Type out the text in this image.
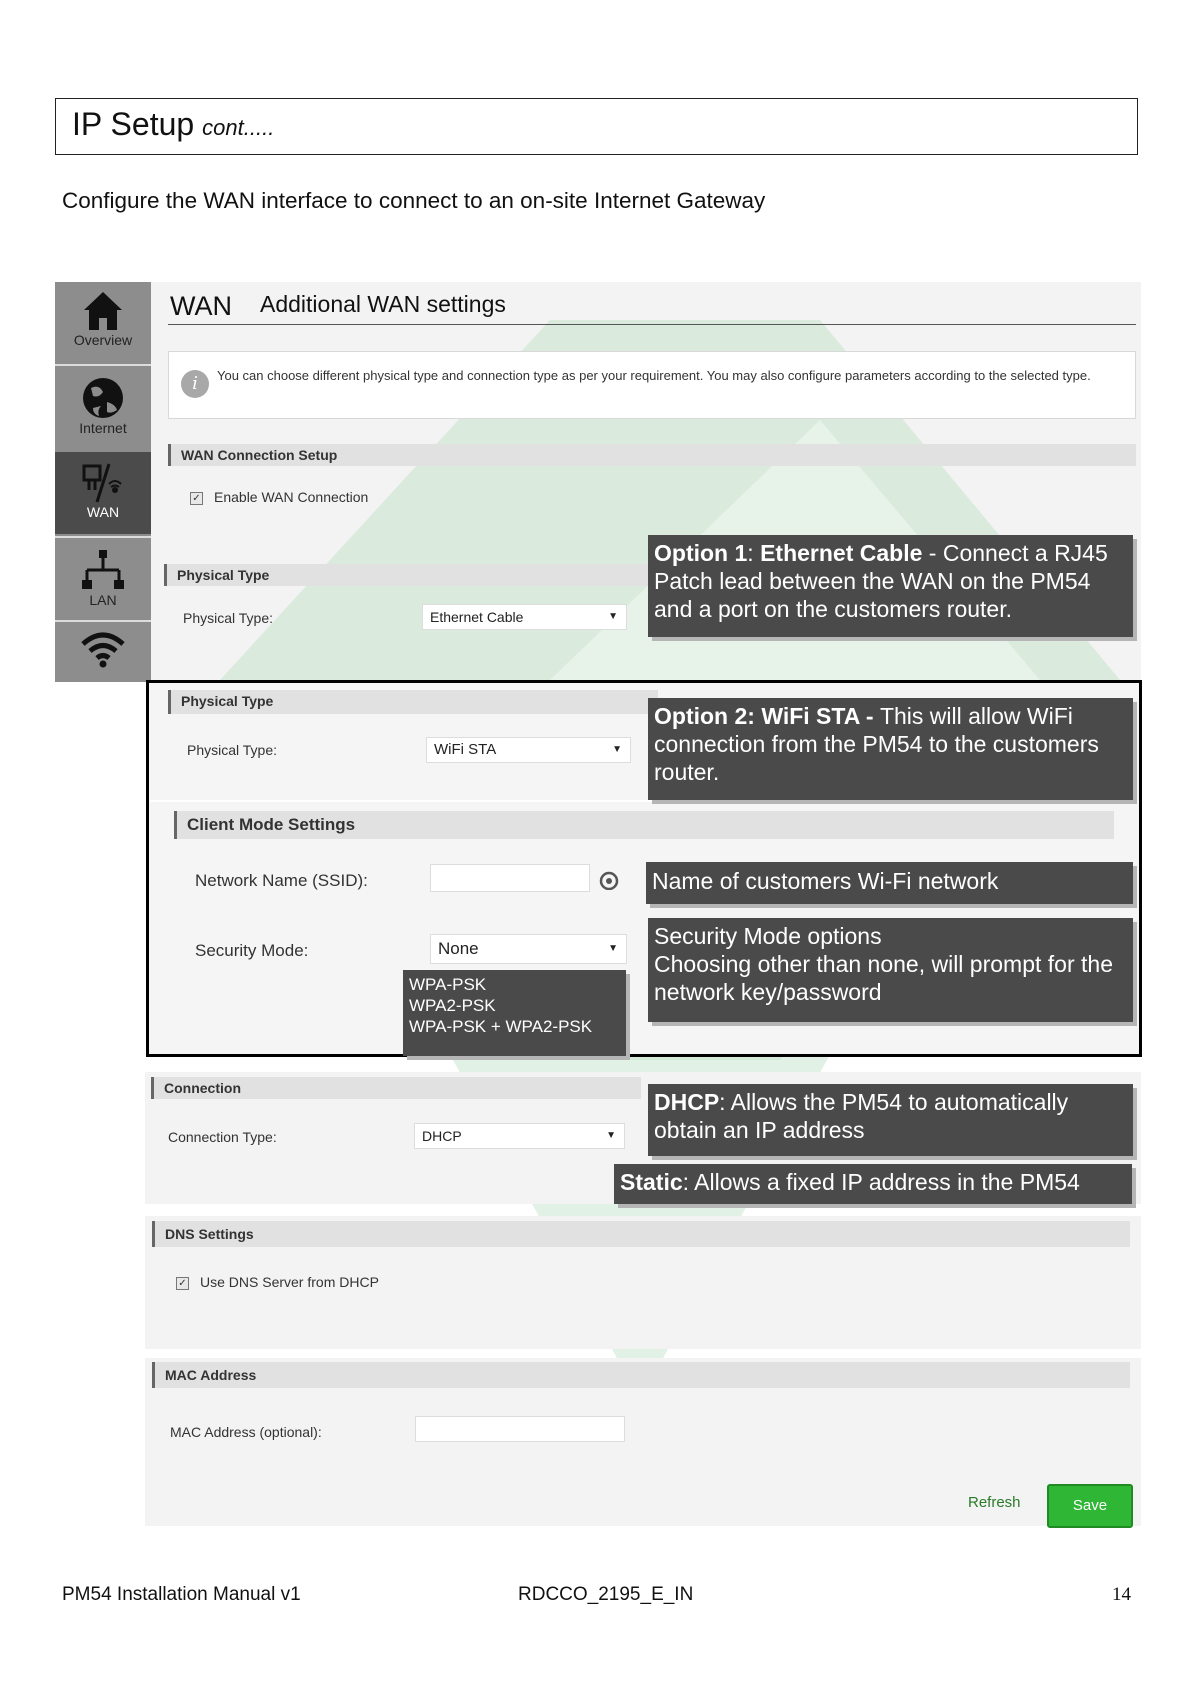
IP Setup cont.....
Configure the WAN interface to connect to an on-site Internet Gateway
Overview
Internet
WAN
LAN
WAN Additional WAN settings
i	You can choose different physical type and connection type as per your requirement. You may also configure parameters according to the selected type.
WAN Connection Setup
✓ Enable WAN Connection
Physical Type
Physical Type:	Ethernet Cable	▼
Physical Type
Physical Type:	WiFi STA	▼
Client Mode Settings
Network Name (SSID):
Security Mode:	None	▼
WPA-PSK
WPA2-PSK
WPA-PSK + WPA2-PSK
Connection
Connection Type:	DHCP	▼
DNS Settings
✓ Use DNS Server from DHCP
MAC Address
MAC Address (optional):
Refresh	Save
Option 1: Ethernet Cable - Connect a RJ45 Patch lead between the WAN on the PM54 and a port on the customers router.
Option 2: WiFi STA - This will allow WiFi connection from the PM54 to the customers router.
Name of customers Wi-Fi network
Security Mode options
Choosing other than none, will prompt for the network key/password
DHCP: Allows the PM54 to automatically obtain an IP address
Static: Allows a fixed IP address in the PM54
PM54 Installation Manual v1	RDCCO_2195_E_IN	14
